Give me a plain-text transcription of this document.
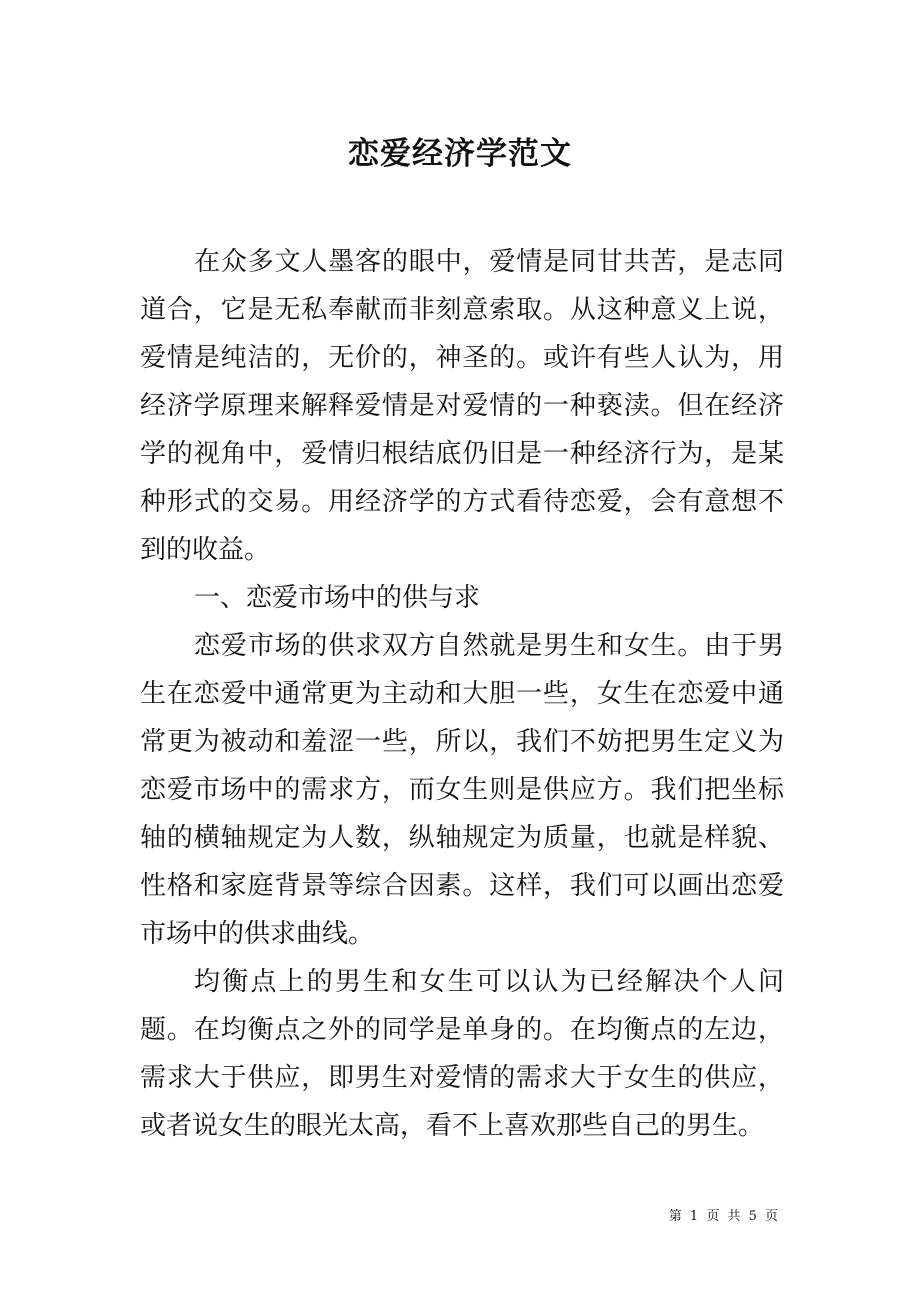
恋爱经济学范文

在众多文人墨客的眼中，爱情是同甘共苦，是志同道合，它是无私奉献而非刻意索取。从这种意义上说，爱情是纯洁的，无价的，神圣的。或许有些人认为，用经济学原理来解释爱情是对爱情的一种亵渎。但在经济学的视角中，爱情归根结底仍旧是一种经济行为，是某种形式的交易。用经济学的方式看待恋爱，会有意想不到的收益。

一、恋爱市场中的供与求

恋爱市场的供求双方自然就是男生和女生。由于男生在恋爱中通常更为主动和大胆一些，女生在恋爱中通常更为被动和羞涩一些，所以，我们不妨把男生定义为恋爱市场中的需求方，而女生则是供应方。我们把坐标轴的横轴规定为人数，纵轴规定为质量，也就是样貌、性格和家庭背景等综合因素。这样，我们可以画出恋爱市场中的供求曲线。

均衡点上的男生和女生可以认为已经解决个人问题。在均衡点之外的同学是单身的。在均衡点的左边，需求大于供应，即男生对爱情的需求大于女生的供应，或者说女生的眼光太高，看不上喜欢那些自己的男生。

第 1 页 共 5 页
